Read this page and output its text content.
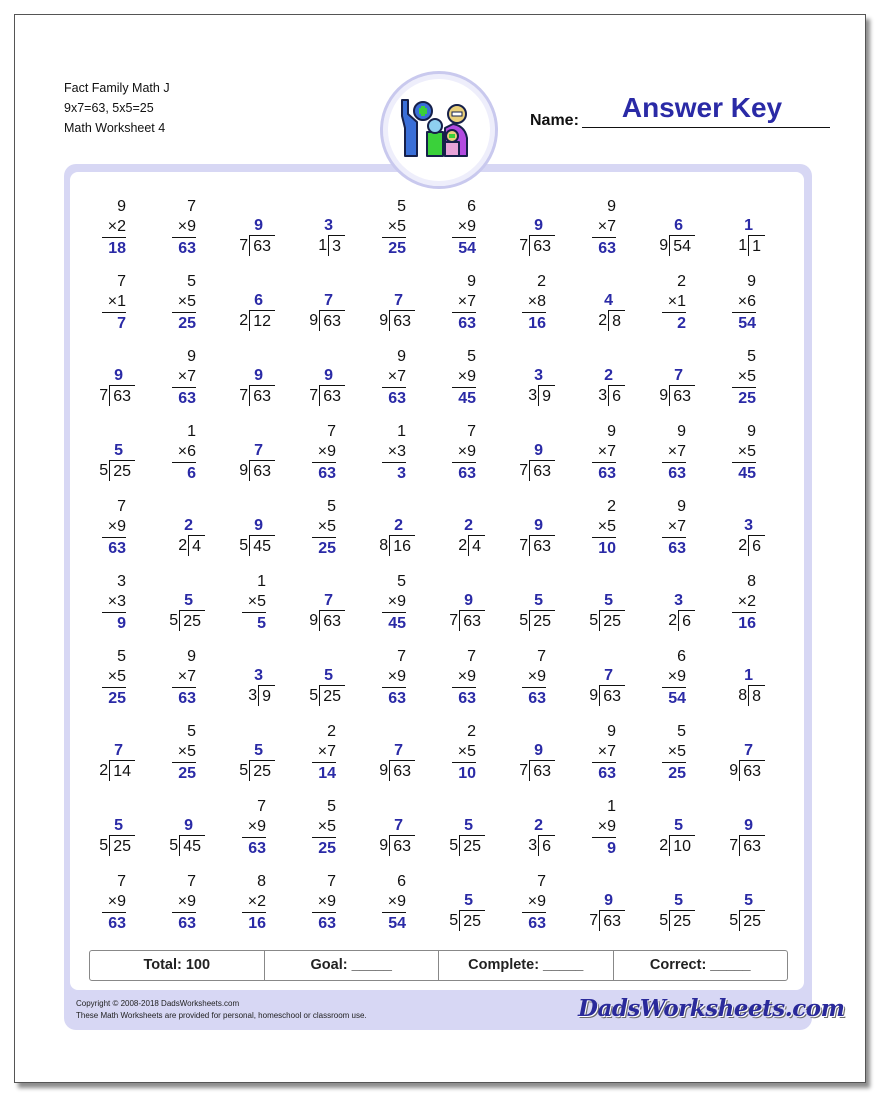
Fact Family Math J
9x7=63, 5x5=25
Math Worksheet 4	Name:	Answer Key
9
×2
18
7
×9
63
9
7 63
3
1 3
5
×5
25
6
×9
54
9
7 63
9
×7
63
6
9 54
1
1 1
7
×1
7
5
×5
25
6
2 12
7
9 63
7
9 63
9
×7
63
2
×8
16
4
2 8
2
×1
2
9
×6
54
9
7 63
9
×7
63
9
7 63
9
7 63
9
×7
63
5
×9
45
3
3 9
2
3 6
7
9 63
5
×5
25
5
5 25
1
×6
6
7
9 63
7
×9
63
1
×3
3
7
×9
63
9
7 63
9
×7
63
9
×7
63
9
×5
45
7
×9
63
2
2 4
9
5 45
5
×5
25
2
8 16
2
2 4
9
7 63
2
×5
10
9
×7
63
3
2 6
3
×3
9
5
5 25
1
×5
5
7
9 63
5
×9
45
9
7 63
5
5 25
5
5 25
3
2 6
8
×2
16
5
×5
25
9
×7
63
3
3 9
5
5 25
7
×9
63
7
×9
63
7
×9
63
7
9 63
6
×9
54
1
8 8
7
2 14
5
×5
25
5
5 25
2
×7
14
7
9 63
2
×5
10
9
7 63
9
×7
63
5
×5
25
7
9 63
5
5 25
9
5 45
7
×9
63
5
×5
25
7
9 63
5
5 25
2
3 6
1
×9
9
5
2 10
9
7 63
7
×9
63
7
×9
63
8
×2
16
7
×9
63
6
×9
54
5
5 25
7
×9
63
9
7 63
5
5 25
5
5 25
Total: 100	Goal: _____	Complete: _____	Correct: _____
Copyright © 2008-2018 DadsWorksheets.com
These Math Worksheets are provided for personal, homeschool or classroom use.	DadsWorksheets.com
